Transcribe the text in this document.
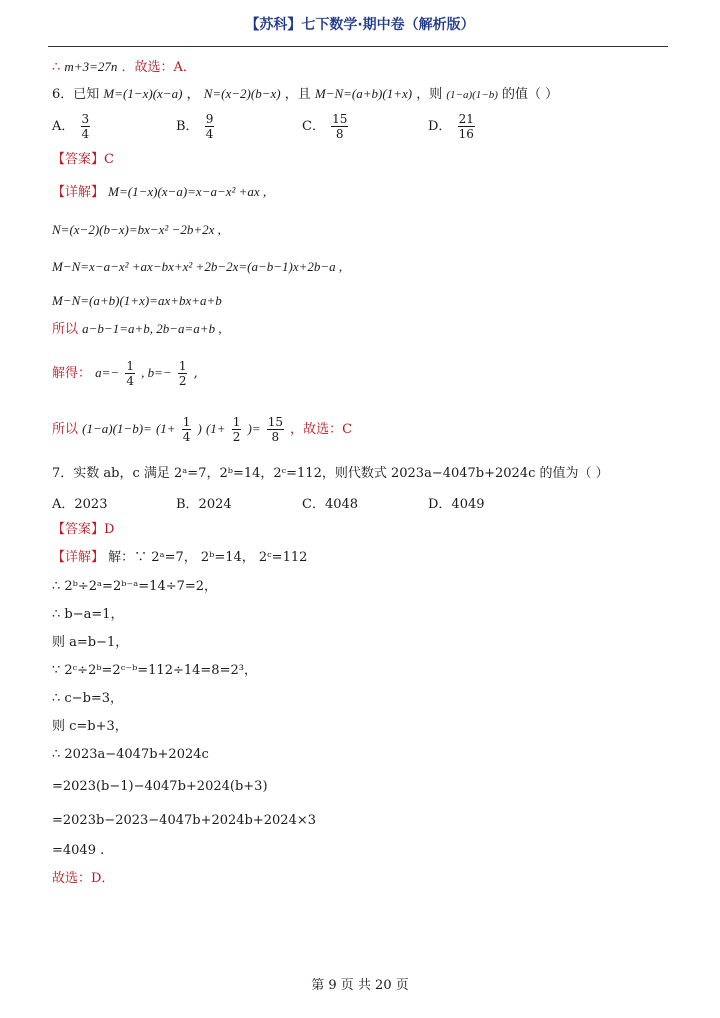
【苏科】七下数学·期中卷（解析版）
∴ m+3=27n ．故选：A．
6．已知 M=(1−x)(x−a) ， N=(x−2)(b−x) ，且 M−N=(a+b)(1+x) ，则 (1−a)(1−b) 的值（ ）
A． $\frac{3}{4}$	B． $\frac{9}{4}$	C． $\frac{15}{8}$	D． $\frac{21}{16}$
【答案】C
【详解】 M=(1−x)(x−a)=x−a−x² +ax ,
N=(x−2)(b−x)=bx−x² −2b+2x ,
M−N=x−a−x² +ax−bx+x² +2b−2x=(a−b−1)x+2b−a ,
M−N=(a+b)(1+x)=ax+bx+a+b
所以 a−b−1=a+b, 2b−a=a+b ,
解得： $a=- \frac{1}{4}$ , $b=- \frac{1}{2}$ ,
所以 $(1-a)(1-b)= (1+ \frac{1}{4}$ ) ($1+ \frac{1}{2}$ )= $\frac{15}{8}$ ，故选：C
7．实数 ab，c 满足 2ᵃ=7，2ᵇ=14，2ᶜ=112，则代数式 2023a−4047b+2024c 的值为（ ）
A．2023	B．2024	C．4048	D．4049
【答案】D
【详解】 解：∵ 2ᵃ=7， 2ᵇ=14， 2ᶜ=112
∴ 2ᵇ÷2ᵃ=2ᵇ⁻ᵃ=14÷7=2，
∴ b−a=1，
则 a=b−1，
∵ 2ᶜ÷2ᵇ=2ᶜ⁻ᵇ=112÷14=8=2³，
∴ c−b=3，
则 c=b+3，
∴ 2023a−4047b+2024c
=2023(b−1)−4047b+2024(b+3)
=2023b−2023−4047b+2024b+2024×3
=4049 .
故选：D．
第 9 页 共 20 页
